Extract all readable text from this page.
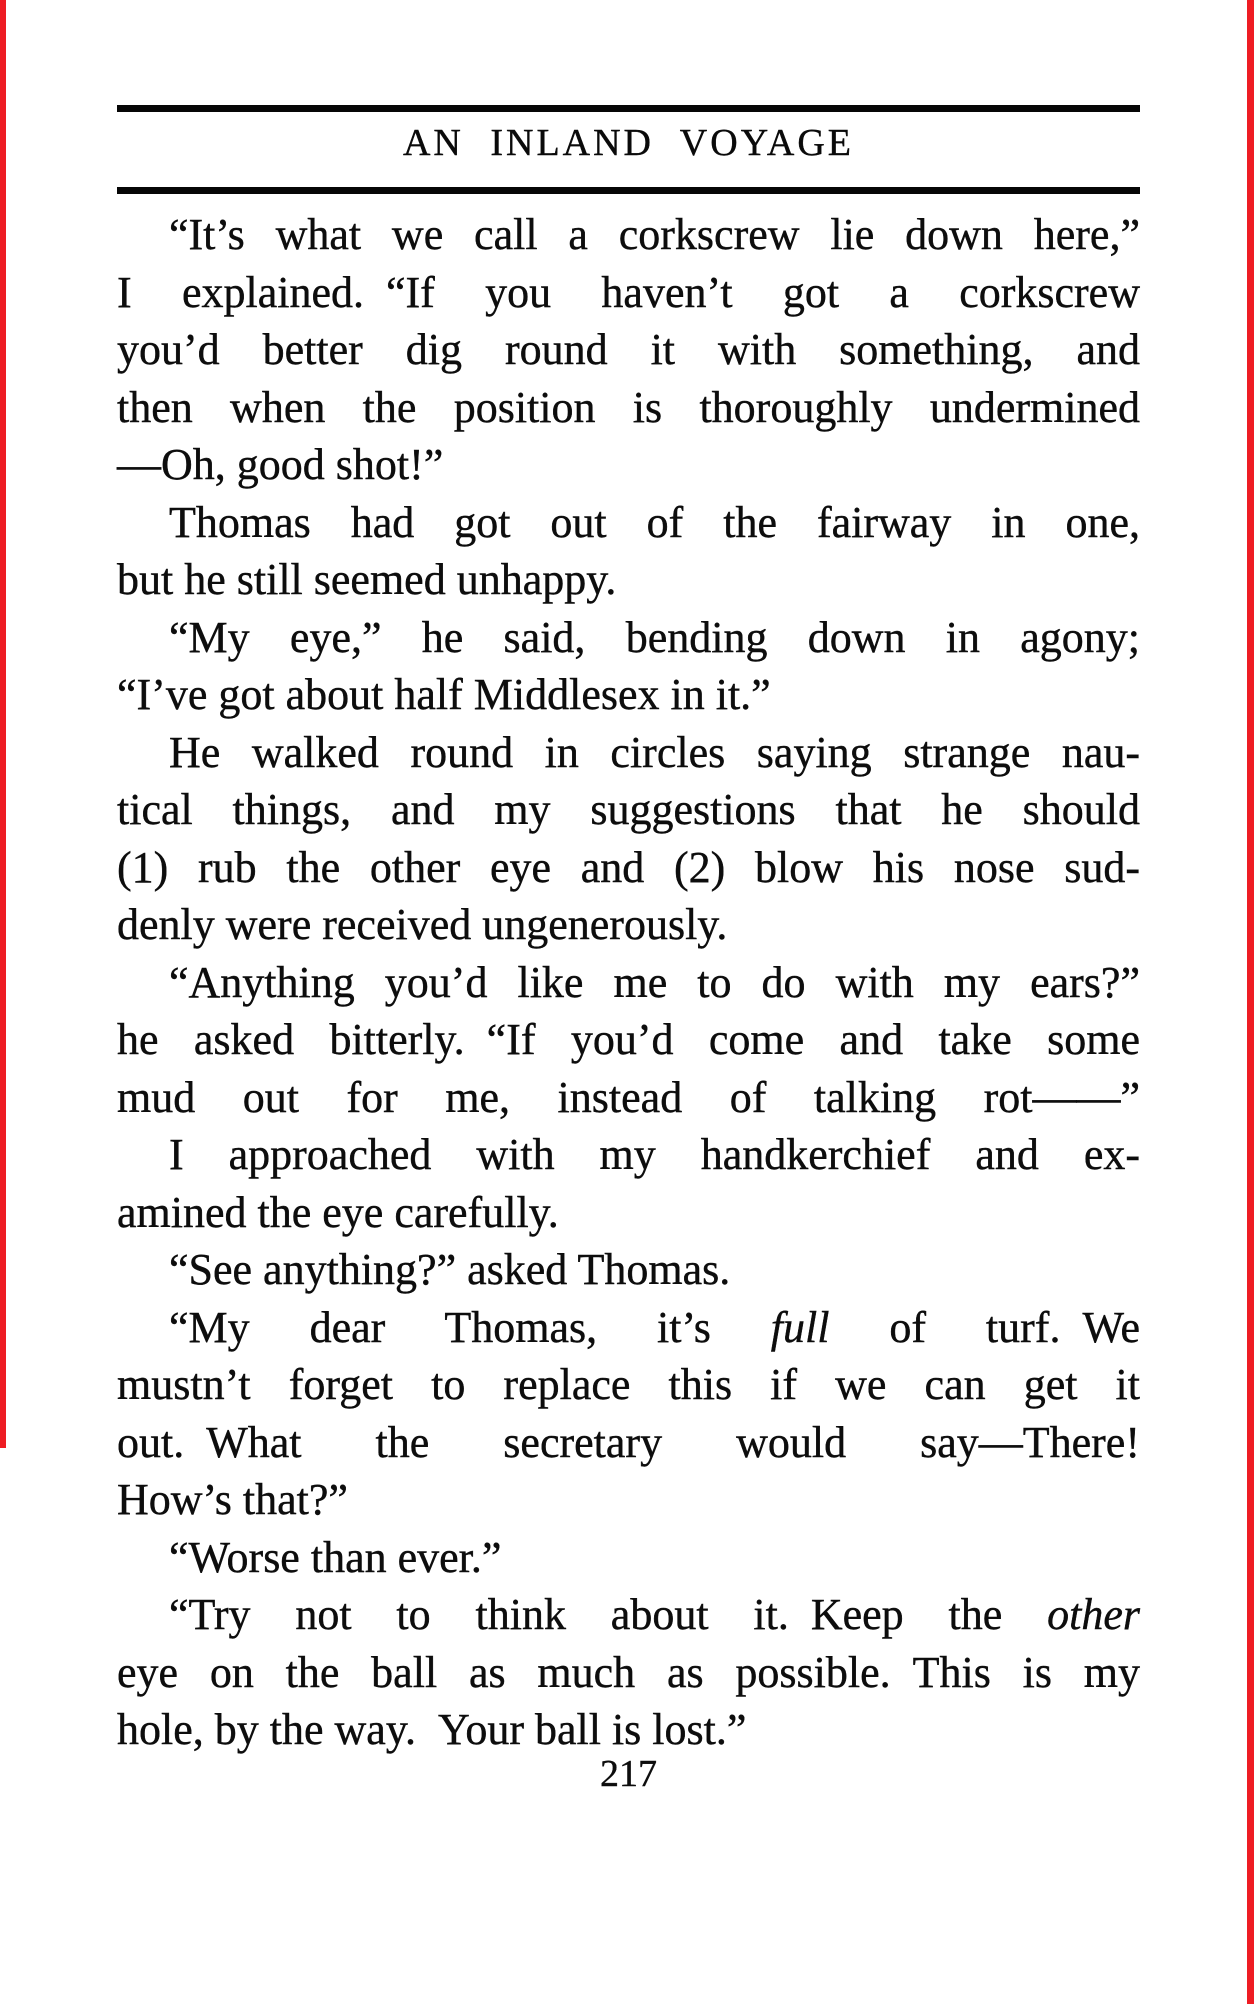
AN INLAND VOYAGE
“It’s what we call a corkscrew lie down here,”
I explained. “If you haven’t got a corkscrew
you’d better dig round it with something, and
then when the position is thoroughly undermined
—Oh, good shot!”
Thomas had got out of the fairway in one,
but he still seemed unhappy.
“My eye,” he said, bending down in agony;
“I’ve got about half Middlesex in it.”
He walked round in circles saying strange nau-
tical things, and my suggestions that he should
(1) rub the other eye and (2) blow his nose sud-
denly were received ungenerously.
“Anything you’d like me to do with my ears?”
he asked bitterly. “If you’d come and take some
mud out for me, instead of talking rot——”
I approached with my handkerchief and ex-
amined the eye carefully.
“See anything?” asked Thomas.
“My dear Thomas, it’s full of turf. We
mustn’t forget to replace this if we can get it
out. What the secretary would say—There!
How’s that?”
“Worse than ever.”
“Try not to think about it. Keep the other
eye on the ball as much as possible. This is my
hole, by the way. Your ball is lost.”
217
